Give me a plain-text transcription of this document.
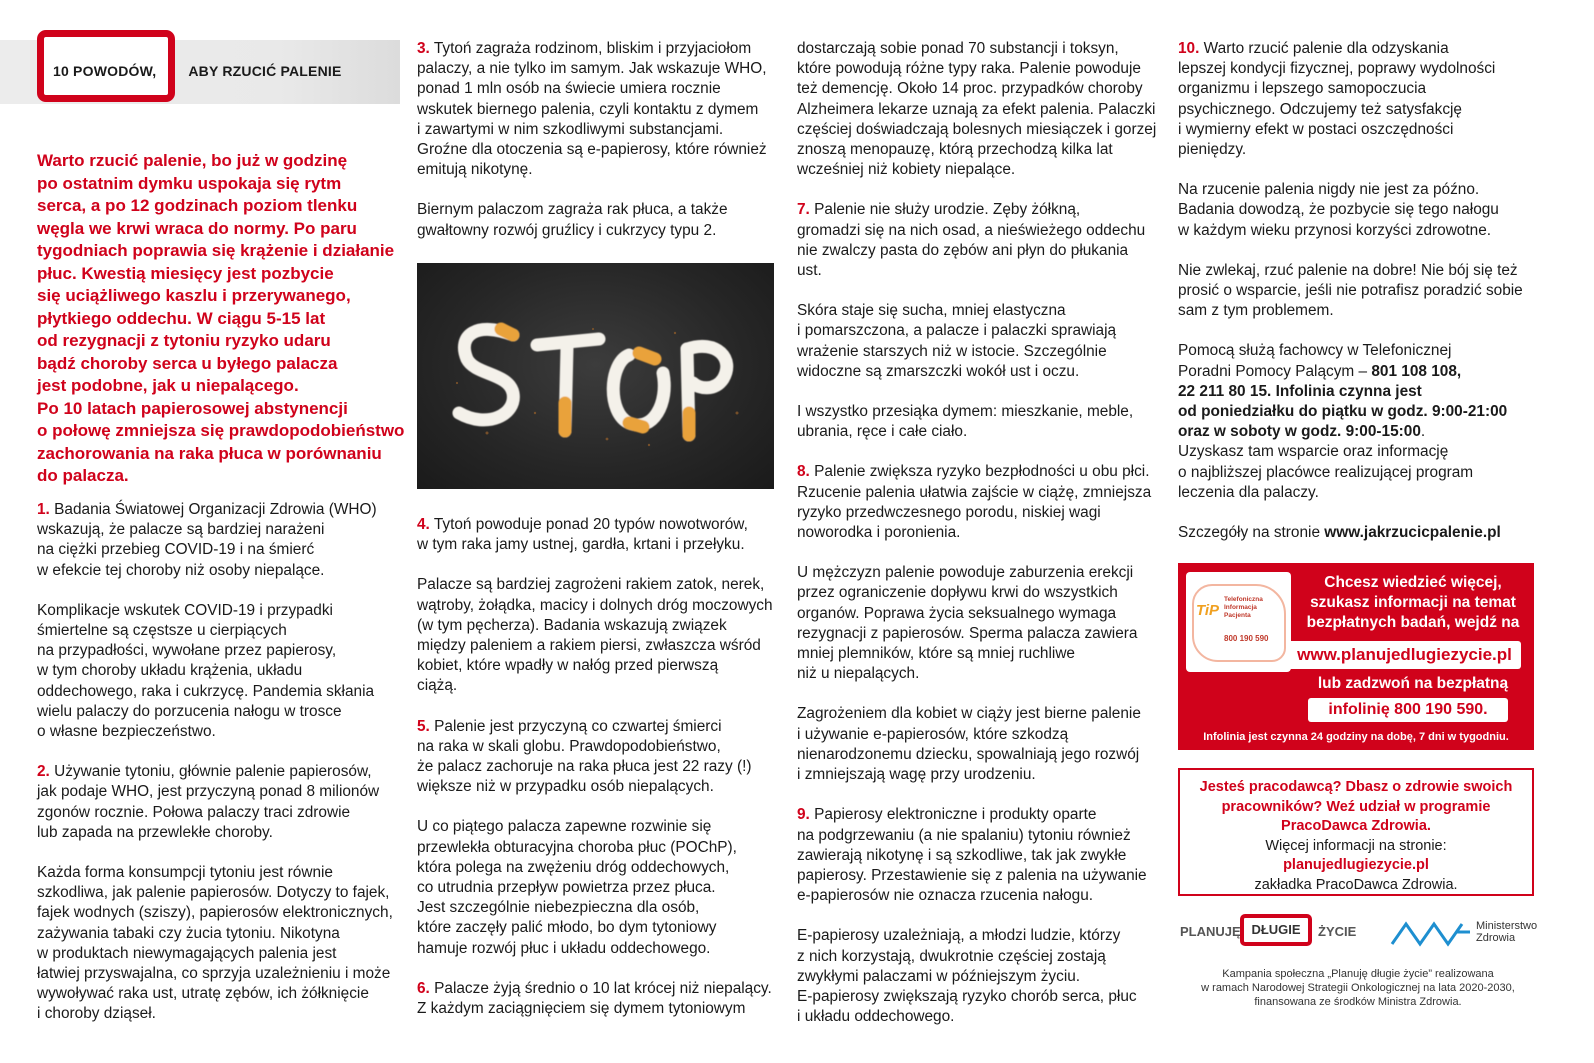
10 POWODÓW, ABY RZUCIĆ PALENIE

Warto rzucić palenie, bo już w godzinę
po ostatnim dymku uspokaja się rytm
serca, a po 12 godzinach poziom tlenku
węgla we krwi wraca do normy. Po paru
tygodniach poprawia się krążenie i działanie
płuc. Kwestią miesięcy jest pozbycie
się uciążliwego kaszlu i przerywanego,
płytkiego oddechu. W ciągu 5-15 lat
od rezygnacji z tytoniu ryzyko udaru
bądź choroby serca u byłego palacza
jest podobne, jak u niepalącego.
Po 10 latach papierosowej abstynencji
o połowę zmniejsza się prawdopodobieństwo
zachorowania na raka płuca w porównaniu
do palacza.

1. Badania Światowej Organizacji Zdrowia (WHO)
wskazują, że palacze są bardziej narażeni
na ciężki przebieg COVID-19 i na śmierć
w efekcie tej choroby niż osoby niepalące.

Komplikacje wskutek COVID-19 i przypadki
śmiertelne są częstsze u cierpiących
na przypadłości, wywołane przez papierosy,
w tym choroby układu krążenia, układu
oddechowego, raka i cukrzycę. Pandemia skłania
wielu palaczy do porzucenia nałogu w trosce
o własne bezpieczeństwo.

2. Używanie tytoniu, głównie palenie papierosów,
jak podaje WHO, jest przyczyną ponad 8 milionów
zgonów rocznie. Połowa palaczy traci zdrowie
lub zapada na przewlekłe choroby.

Każda forma konsumpcji tytoniu jest równie
szkodliwa, jak palenie papierosów. Dotyczy to fajek,
fajek wodnych (sziszy), papierosów elektronicznych,
zażywania tabaki czy żucia tytoniu. Nikotyna
w produktach niewymagających palenia jest
łatwiej przyswajalna, co sprzyja uzależnieniu i może
wywoływać raka ust, utratę zębów, ich żółknięcie
i choroby dziąseł.

3. Tytoń zagraża rodzinom, bliskim i przyjaciołom
palaczy, a nie tylko im samym. Jak wskazuje WHO,
ponad 1 mln osób na świecie umiera rocznie
wskutek biernego palenia, czyli kontaktu z dymem
i zawartymi w nim szkodliwymi substancjami.
Groźne dla otoczenia są e-papierosy, które również
emitują nikotynę.

Biernym palaczom zagraża rak płuca, a także
gwałtowny rozwój gruźlicy i cukrzycy typu 2.

4. Tytoń powoduje ponad 20 typów nowotworów,
w tym raka jamy ustnej, gardła, krtani i przełyku.

Palacze są bardziej zagrożeni rakiem zatok, nerek,
wątroby, żołądka, macicy i dolnych dróg moczowych
(w tym pęcherza). Badania wskazują związek
między paleniem a rakiem piersi, zwłaszcza wśród
kobiet, które wpadły w nałóg przed pierwszą
ciążą.

5. Palenie jest przyczyną co czwartej śmierci
na raka w skali globu. Prawdopodobieństwo,
że palacz zachoruje na raka płuca jest 22 razy (!)
większe niż w przypadku osób niepalących.

U co piątego palacza zapewne rozwinie się
przewlekła obturacyjna choroba płuc (POChP),
która polega na zwężeniu dróg oddechowych,
co utrudnia przepływ powietrza przez płuca.
Jest szczególnie niebezpieczna dla osób,
które zaczęły palić młodo, bo dym tytoniowy
hamuje rozwój płuc i układu oddechowego.

6. Palacze żyją średnio o 10 lat krócej niż niepalący.
Z każdym zaciągnięciem się dymem tytoniowym

dostarczają sobie ponad 70 substancji i toksyn,
które powodują różne typy raka. Palenie powoduje
też demencję. Około 14 proc. przypadków choroby
Alzheimera lekarze uznają za efekt palenia. Palaczki
częściej doświadczają bolesnych miesiączek i gorzej
znoszą menopauzę, którą przechodzą kilka lat
wcześniej niż kobiety niepalące.

7. Palenie nie służy urodzie. Zęby żółkną,
gromadzi się na nich osad, a nieświeżego oddechu
nie zwalczy pasta do zębów ani płyn do płukania
ust.

Skóra staje się sucha, mniej elastyczna
i pomarszczona, a palacze i palaczki sprawiają
wrażenie starszych niż w istocie. Szczególnie
widoczne są zmarszczki wokół ust i oczu.

I wszystko przesiąka dymem: mieszkanie, meble,
ubrania, ręce i całe ciało.

8. Palenie zwiększa ryzyko bezpłodności u obu płci.
Rzucenie palenia ułatwia zajście w ciążę, zmniejsza
ryzyko przedwczesnego porodu, niskiej wagi
noworodka i poronienia.

U mężczyzn palenie powoduje zaburzenia erekcji
przez ograniczenie dopływu krwi do wszystkich
organów. Poprawa życia seksualnego wymaga
rezygnacji z papierosów. Sperma palacza zawiera
mniej plemników, które są mniej ruchliwe
niż u niepalących.

Zagrożeniem dla kobiet w ciąży jest bierne palenie
i używanie e-papierosów, które szkodzą
nienarodzonemu dziecku, spowalniają jego rozwój
i zmniejszają wagę przy urodzeniu.

9. Papierosy elektroniczne i produkty oparte
na podgrzewaniu (a nie spalaniu) tytoniu również
zawierają nikotynę i są szkodliwe, tak jak zwykłe
papierosy. Przestawienie się z palenia na używanie
e-papierosów nie oznacza rzucenia nałogu.

E-papierosy uzależniają, a młodzi ludzie, którzy
z nich korzystają, dwukrotnie częściej zostają
zwykłymi palaczami w późniejszym życiu.
E-papierosy zwiększają ryzyko chorób serca, płuc
i układu oddechowego.

10. Warto rzucić palenie dla odzyskania
lepszej kondycji fizycznej, poprawy wydolności
organizmu i lepszego samopoczucia
psychicznego. Odczujemy też satysfakcję
i wymierny efekt w postaci oszczędności
pieniędzy.

Na rzucenie palenia nigdy nie jest za późno.
Badania dowodzą, że pozbycie się tego nałogu
w każdym wieku przynosi korzyści zdrowotne.

Nie zwlekaj, rzuć palenie na dobre! Nie bój się też
prosić o wsparcie, jeśli nie potrafisz poradzić sobie
sam z tym problemem.

Pomocą służą fachowcy w Telefonicznej
Poradni Pomocy Palącym – 801 108 108,
22 211 80 15. Infolinia czynna jest
od poniedziałku do piątku w godz. 9:00-21:00
oraz w soboty w godz. 9:00-15:00.
Uzyskasz tam wsparcie oraz informację
o najbliższej placówce realizującej program
leczenia dla palaczy.

Szczegóły na stronie www.jakrzucicpalenie.pl

TiP
Telefoniczna
Informacja
Pacjenta
800 190 590
Chcesz wiedzieć więcej,
szukasz informacji na temat
bezpłatnych badań, wejdź na
www.planujedlugiezycie.pl
lub zadzwoń na bezpłatną
infolinię 800 190 590.
Infolinia jest czynna 24 godziny na dobę, 7 dni w tygodniu.
Jesteś pracodawcą? Dbasz o zdrowie swoich
pracowników? Weź udział w programie
PracoDawca Zdrowia.
Więcej informacji na stronie:
planujedlugiezycie.pl
zakładka PracoDawca Zdrowia.
PLANUJĘ DŁUGIE	ŻYCIE	Ministerstwo
Zdrowia
Kampania społeczna „Planuję długie życie” realizowana
w ramach Narodowej Strategii Onkologicznej na lata 2020-2030,
finansowana ze środków Ministra Zdrowia.
